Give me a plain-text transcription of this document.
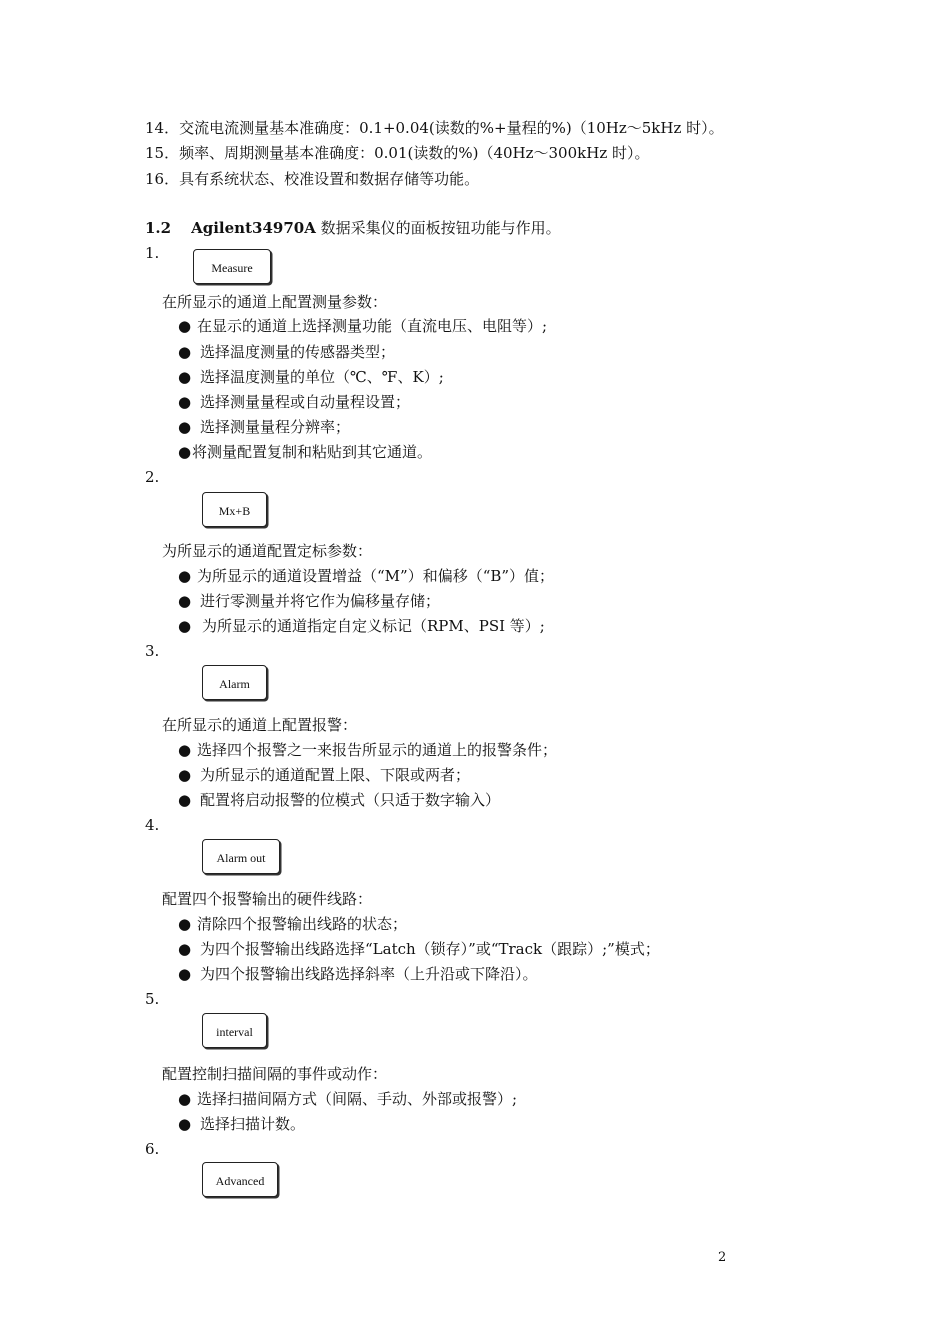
14．交流电流测量基本准确度：0.1+0.04(读数的%+量程的%)（10Hz～5kHz 时）。
15．频率、周期测量基本准确度：0.01(读数的%)（40Hz～300kHz 时）。
16．具有系统状态、校准设置和数据存储等功能。
1.2 Agilent34970A 数据采集仪的面板按钮功能与作用。
1.
Measure
在所显示的通道上配置测量参数：
● 在显示的通道上选择测量功能（直流电压、电阻等）;
● 选择温度测量的传感器类型；
● 选择温度测量的单位（℃、℉、K）;
● 选择测量量程或自动量程设置；
● 选择测量量程分辨率；
●将测量配置复制和粘贴到其它通道。
2.
Mx+B
为所显示的通道配置定标参数：
● 为所显示的通道设置增益（“M”）和偏移（“B”）值；
● 进行零测量并将它作为偏移量存储；
● 为所显示的通道指定自定义标记（RPM、PSI 等）;
3.
Alarm
在所显示的通道上配置报警：
● 选择四个报警之一来报告所显示的通道上的报警条件；
● 为所显示的通道配置上限、下限或两者；
● 配置将启动报警的位模式（只适于数字输入）
4.
Alarm out
配置四个报警输出的硬件线路：
● 清除四个报警输出线路的状态；
● 为四个报警输出线路选择“Latch（锁存）”或“Track（跟踪）;”模式；
● 为四个报警输出线路选择斜率（上升沿或下降沿）。
5.
interval
配置控制扫描间隔的事件或动作：
● 选择扫描间隔方式（间隔、手动、外部或报警）;
● 选择扫描计数。
6.
Advanced
2
